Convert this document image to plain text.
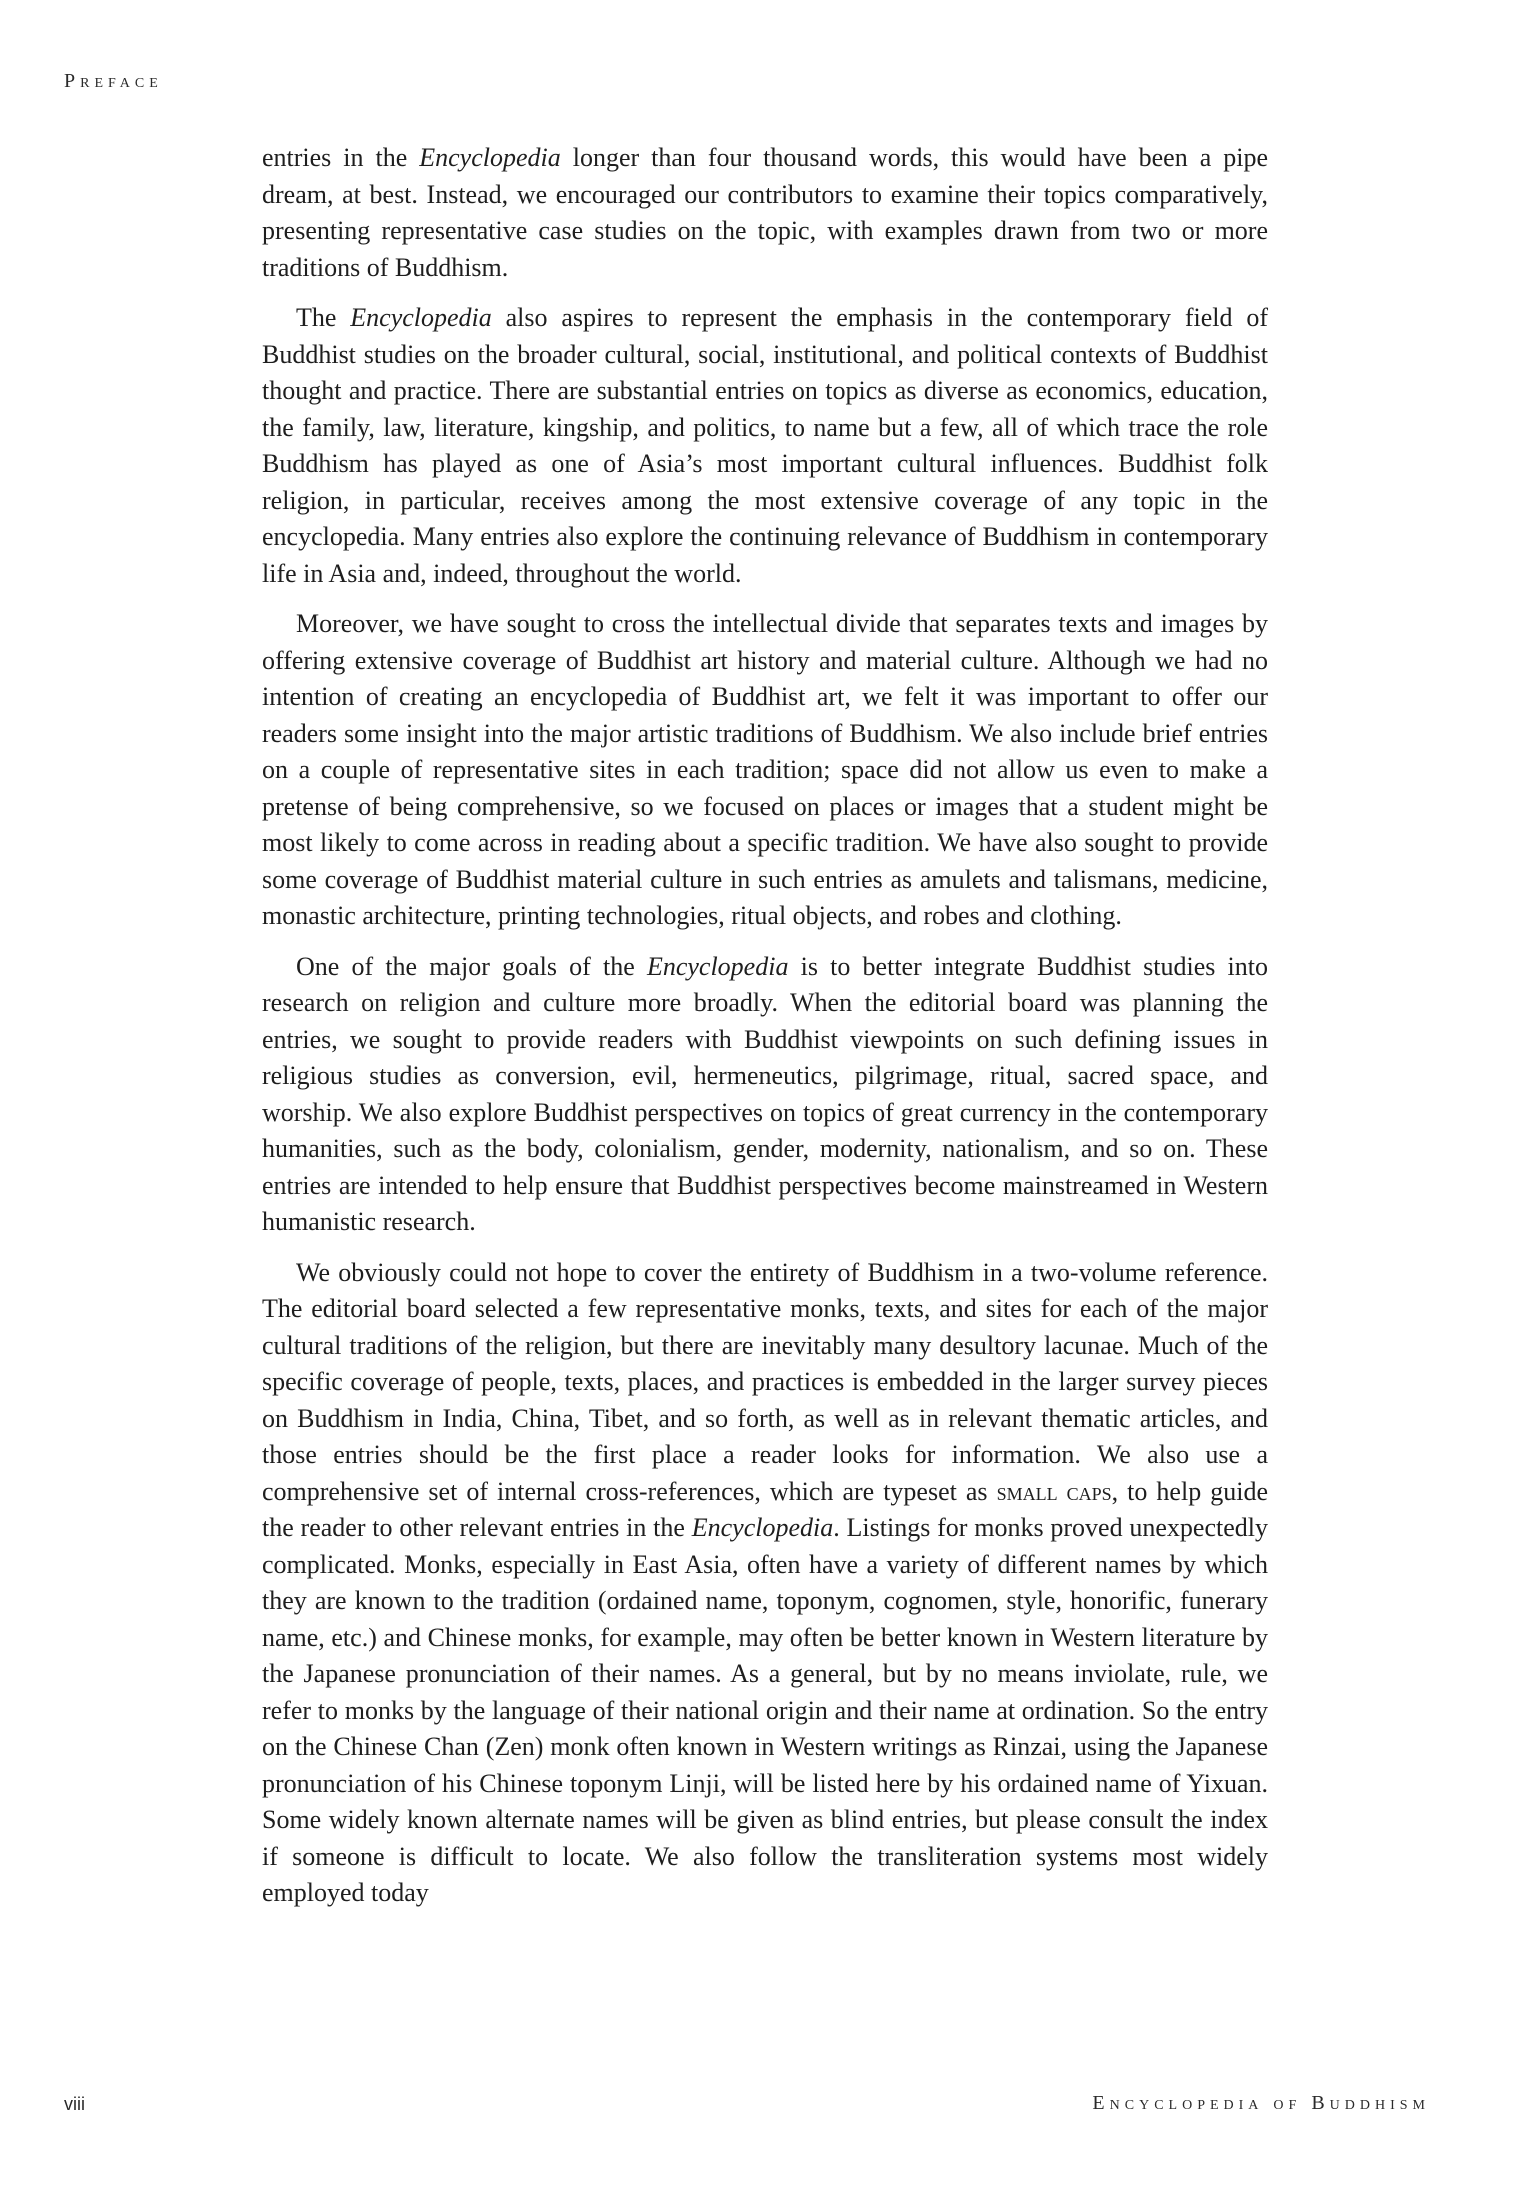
Preface

entries in the Encyclopedia longer than four thousand words, this would have been a pipe dream, at best. Instead, we encouraged our contributors to examine their topics comparatively, presenting representative case studies on the topic, with examples drawn from two or more traditions of Buddhism.

The Encyclopedia also aspires to represent the emphasis in the contemporary field of Buddhist studies on the broader cultural, social, institutional, and political contexts of Buddhist thought and practice. There are substantial entries on topics as diverse as economics, education, the family, law, literature, kingship, and politics, to name but a few, all of which trace the role Buddhism has played as one of Asia’s most important cultural influences. Buddhist folk religion, in particular, receives among the most extensive coverage of any topic in the encyclopedia. Many entries also explore the continuing relevance of Buddhism in contemporary life in Asia and, indeed, throughout the world.

Moreover, we have sought to cross the intellectual divide that separates texts and images by offering extensive coverage of Buddhist art history and material culture. Although we had no intention of creating an encyclopedia of Buddhist art, we felt it was important to offer our readers some insight into the major artistic traditions of Buddhism. We also include brief entries on a couple of representative sites in each tradition; space did not allow us even to make a pretense of being comprehensive, so we focused on places or images that a student might be most likely to come across in reading about a specific tradition. We have also sought to provide some coverage of Buddhist material culture in such entries as amulets and talismans, medicine, monastic architecture, printing technologies, ritual objects, and robes and clothing.

One of the major goals of the Encyclopedia is to better integrate Buddhist studies into research on religion and culture more broadly. When the editorial board was planning the entries, we sought to provide readers with Buddhist viewpoints on such defining issues in religious studies as conversion, evil, hermeneutics, pilgrimage, ritual, sacred space, and worship. We also explore Buddhist perspectives on topics of great currency in the contemporary humanities, such as the body, colonialism, gender, modernity, nationalism, and so on. These entries are intended to help ensure that Buddhist perspectives become mainstreamed in Western humanistic research.

We obviously could not hope to cover the entirety of Buddhism in a two-volume reference. The editorial board selected a few representative monks, texts, and sites for each of the major cultural traditions of the religion, but there are inevitably many desultory lacunae. Much of the specific coverage of people, texts, places, and practices is embedded in the larger survey pieces on Buddhism in India, China, Tibet, and so forth, as well as in relevant thematic articles, and those entries should be the first place a reader looks for information. We also use a comprehensive set of internal cross-references, which are typeset as small caps, to help guide the reader to other relevant entries in the Encyclopedia. Listings for monks proved unexpectedly complicated. Monks, especially in East Asia, often have a variety of different names by which they are known to the tradition (ordained name, toponym, cognomen, style, honorific, funerary name, etc.) and Chinese monks, for example, may often be better known in Western literature by the Japanese pronunciation of their names. As a general, but by no means inviolate, rule, we refer to monks by the language of their national origin and their name at ordination. So the entry on the Chinese Chan (Zen) monk often known in Western writings as Rinzai, using the Japanese pronunciation of his Chinese toponym Linji, will be listed here by his ordained name of Yixuan. Some widely known alternate names will be given as blind entries, but please consult the index if someone is difficult to locate. We also follow the transliteration systems most widely employed today

viii	Encyclopedia of Buddhism
